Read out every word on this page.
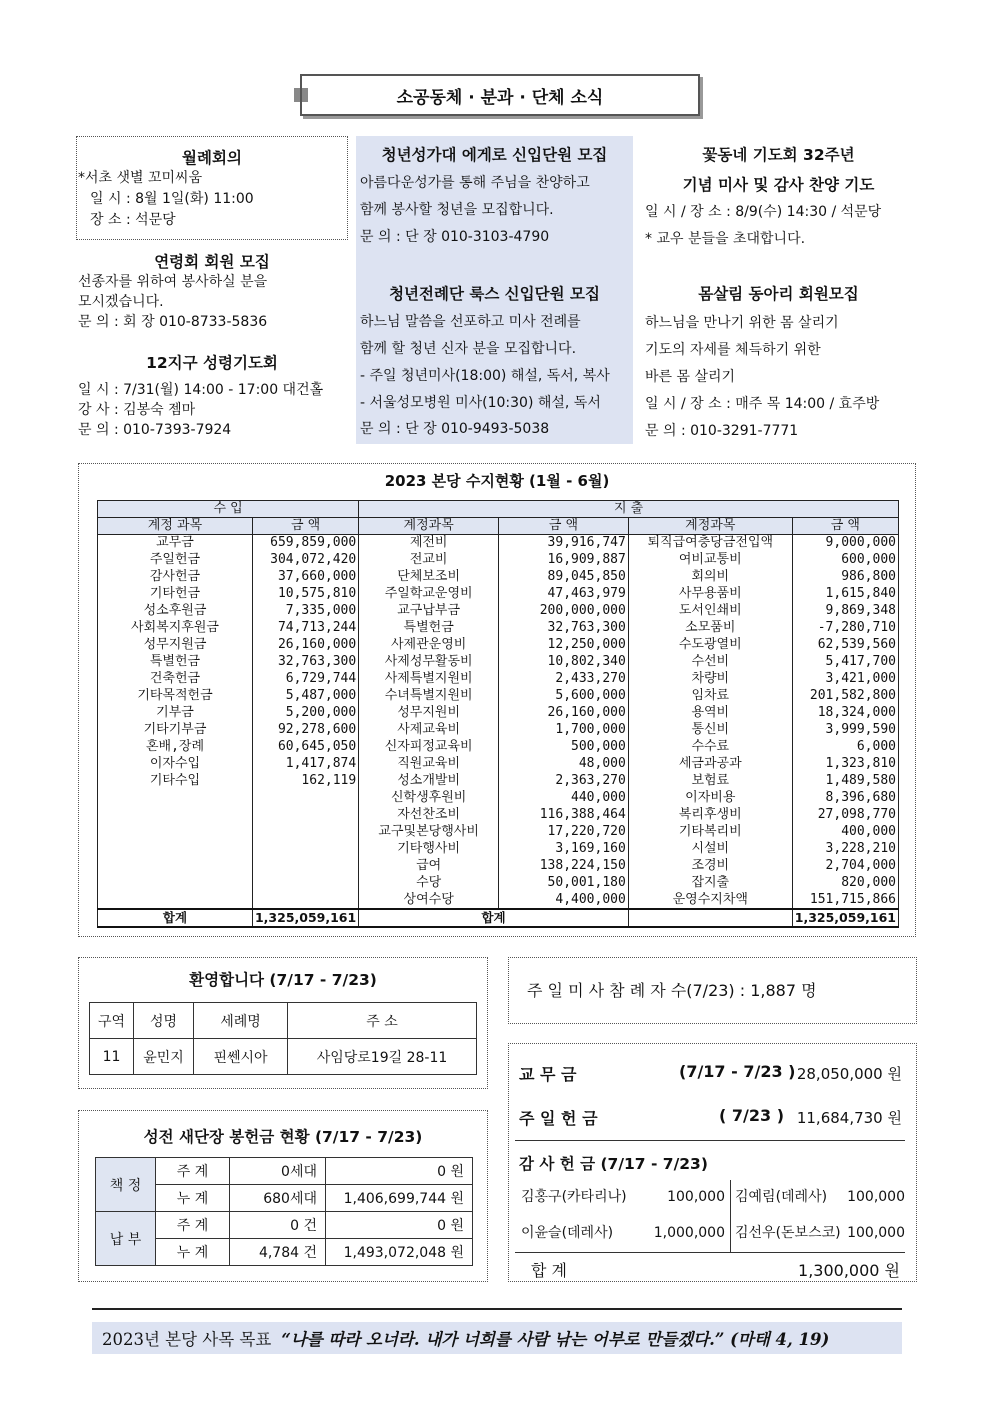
소공동체 · 분과 · 단체 소식
월례회의
*서초 샛별 꼬미씨움
일 시 : 8월 1일(화) 11:00
장 소 : 석문당
연령회 회원 모집
선종자를 위하여 봉사하실 분을
모시겠습니다.
문 의 : 회 장 010-8733-5836
12지구 성령기도회
일 시 : 7/31(월) 14:00 - 17:00 대건홀
강 사 : 김봉숙 젬마
문 의 : 010-7393-7924
청년성가대 에게로 신입단원 모집
아름다운성가를 통해 주님을 찬양하고
함께 봉사할 청년을 모집합니다.
문 의 : 단 장 010-3103-4790
청년전례단 룩스 신입단원 모집
하느님 말씀을 선포하고 미사 전례를
함께 할 청년 신자 분을 모집합니다.
- 주일 청년미사(18:00) 해설, 독서, 복사
- 서울성모병원 미사(10:30) 해설, 독서
문 의 : 단 장 010-9493-5038
꽃동네 기도회 32주년
기념 미사 및 감사 찬양 기도
일 시 / 장 소 : 8/9(수) 14:30 / 석문당
* 교우 분들을 초대합니다.
몸살림 동아리 회원모집
하느님을 만나기 위한 몸 살리기
기도의 자세를 체득하기 위한
바른 몸 살리기
일 시 / 장 소 : 매주 목 14:00 / 효주방
문 의 : 010-3291-7771
2023 본당 수지현황 (1월 - 6월)
수 입		지 출			
계정 과목	금 액	계정과목	금 액	계정과목	금 액
교무금	659,859,000	제전비	39,916,747	퇴직급여충당금전입액	9,000,000
주일헌금	304,072,420	전교비	16,909,887	여비교통비	600,000
감사헌금	37,660,000	단체보조비	89,045,850	회의비	986,800
기타헌금	10,575,810	주일학교운영비	47,463,979	사무용품비	1,615,840
성소후원금	7,335,000	교구납부금	200,000,000	도서인쇄비	9,869,348
사회복지후원금	74,713,244	특별헌금	32,763,300	소모품비	-7,280,710
성무지원금	26,160,000	사제관운영비	12,250,000	수도광열비	62,539,560
특별헌금	32,763,300	사제성무활동비	10,802,340	수선비	5,417,700
건축헌금	6,729,744	사제특별지원비	2,433,270	차량비	3,421,000
기타목적헌금	5,487,000	수녀특별지원비	5,600,000	임차료	201,582,800
기부금	5,200,000	성무지원비	26,160,000	용역비	18,324,000
기타기부금	92,278,600	사제교육비	1,700,000	통신비	3,999,590
혼배,장례	60,645,050	신자피정교육비	500,000	수수료	6,000
이자수입	1,417,874	직원교육비	48,000	세금과공과	1,323,810
기타수입	162,119	성소개발비	2,363,270	보험료	1,489,580
		신학생후원비	440,000	이자비용	8,396,680
		자선찬조비	116,388,464	복리후생비	27,098,770
		교구및본당행사비	17,220,720	기타복리비	400,000
		기타행사비	3,169,160	시설비	3,228,210
		급여	138,224,150	조경비	2,704,000
		수당	50,001,180	잡지출	820,000
		상여수당	4,400,000	운영수지차액	151,715,866
합계	1,325,059,161	합계			1,325,059,161
환영합니다 (7/17 - 7/23)
구역	성명	세례명	주 소
11	윤민지	핀쎈시아	사임당로19길 28-11
성전 새단장 봉헌금 현황 (7/17 - 7/23)
책 정	주 계	0세대	0 원
	누 계	680세대	1,406,699,744 원
납 부	주 계	0 건	0 원
	누 계	4,784 건	1,493,072,048 원
주 일 미 사 참 례 자 수(7/23) : 1,887 명
교 무 금	(7/17 - 7/23 ) 28,050,000 원
주 일 헌 금	( 7/23 ) 11,684,730 원
감 사 헌 금 (7/17 - 7/23)
김홍구(카타리나)	100,000 김예림(데레사)	100,000
이윤슬(데레사)	1,000,000 김선우(돈보스코) 100,000
합 계	1,300,000 원
2023년 본당 사목 목표 “나를 따라 오너라. 내가 너희를 사람 낚는 어부로 만들겠다.” (마태 4, 19)
